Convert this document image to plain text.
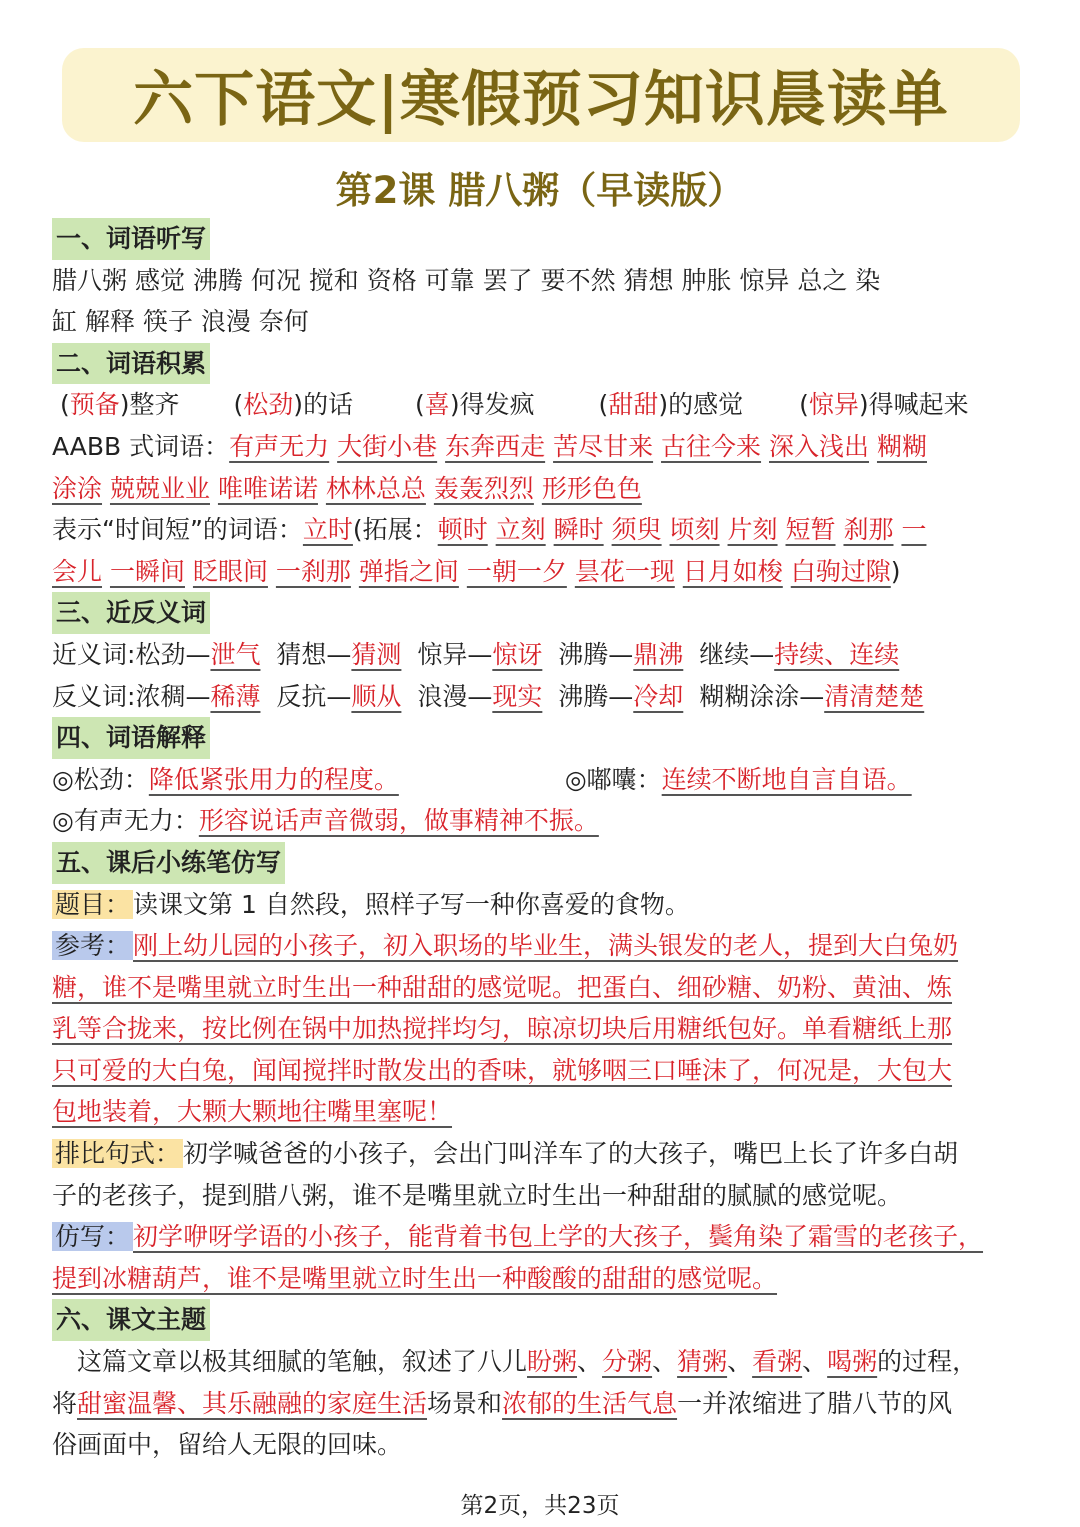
六下语文|寒假预习知识晨读单
第2课 腊八粥（早读版）
一、词语听写
腊八粥 感觉 沸腾 何况 搅和 资格 可靠 罢了 要不然 猜想 肿胀 惊异 总之 染
缸 解释 筷子 浪漫 奈何
二、词语积累
(预备)整齐 (松劲)的话 (喜)得发疯	(甜甜)的感觉 (惊异)得喊起来
AABB 式词语：有声无力 大街小巷 东奔西走 苦尽甘来 古往今来 深入浅出 糊糊
涂涂 兢兢业业 唯唯诺诺 林林总总 轰轰烈烈 形形色色
表示“时间短”的词语：立时(拓展：顿时 立刻 瞬时 须臾 顷刻 片刻 短暂 刹那 一
会儿 一瞬间 眨眼间 一刹那 弹指之间 一朝一夕 昙花一现 日月如梭 白驹过隙)
三、近反义词
近义词:松劲—泄气 猜想—猜测 惊异—惊讶 沸腾—鼎沸 继续—持续、连续
反义词:浓稠—稀薄 反抗—顺从 浪漫—现实 沸腾—冷却 糊糊涂涂—清清楚楚
四、词语解释
◎松劲：降低紧张用力的程度。	◎嘟囔：连续不断地自言自语。
◎有声无力：形容说话声音微弱，做事精神不振。
五、课后小练笔仿写
题目： 读课文第 1 自然段，照样子写一种你喜爱的食物。
参考： 刚上幼儿园的小孩子，初入职场的毕业生，满头银发的老人，提到大白兔奶
糖，谁不是嘴里就立时生出一种甜甜的感觉呢。把蛋白、细砂糖、奶粉、黄油、炼
乳等合拢来，按比例在锅中加热搅拌均匀，晾凉切块后用糖纸包好。单看糖纸上那
只可爱的大白兔，闻闻搅拌时散发出的香味，就够咽三口唾沫了，何况是，大包大
包地装着，大颗大颗地往嘴里塞呢！
排比句式： 初学喊爸爸的小孩子，会出门叫洋车了的大孩子，嘴巴上长了许多白胡
子的老孩子，提到腊八粥，谁不是嘴里就立时生出一种甜甜的腻腻的感觉呢。
仿写： 初学咿呀学语的小孩子，能背着书包上学的大孩子，鬓角染了霜雪的老孩子，
提到冰糖葫芦，谁不是嘴里就立时生出一种酸酸的甜甜的感觉呢。
六、课文主题
　这篇文章以极其细腻的笔触，叙述了八儿盼粥、分粥、猜粥、看粥、喝粥的过程，
将甜蜜温馨、其乐融融的家庭生活场景和浓郁的生活气息一并浓缩进了腊八节的风
俗画面中，留给人无限的回味。
第2页，共23页
